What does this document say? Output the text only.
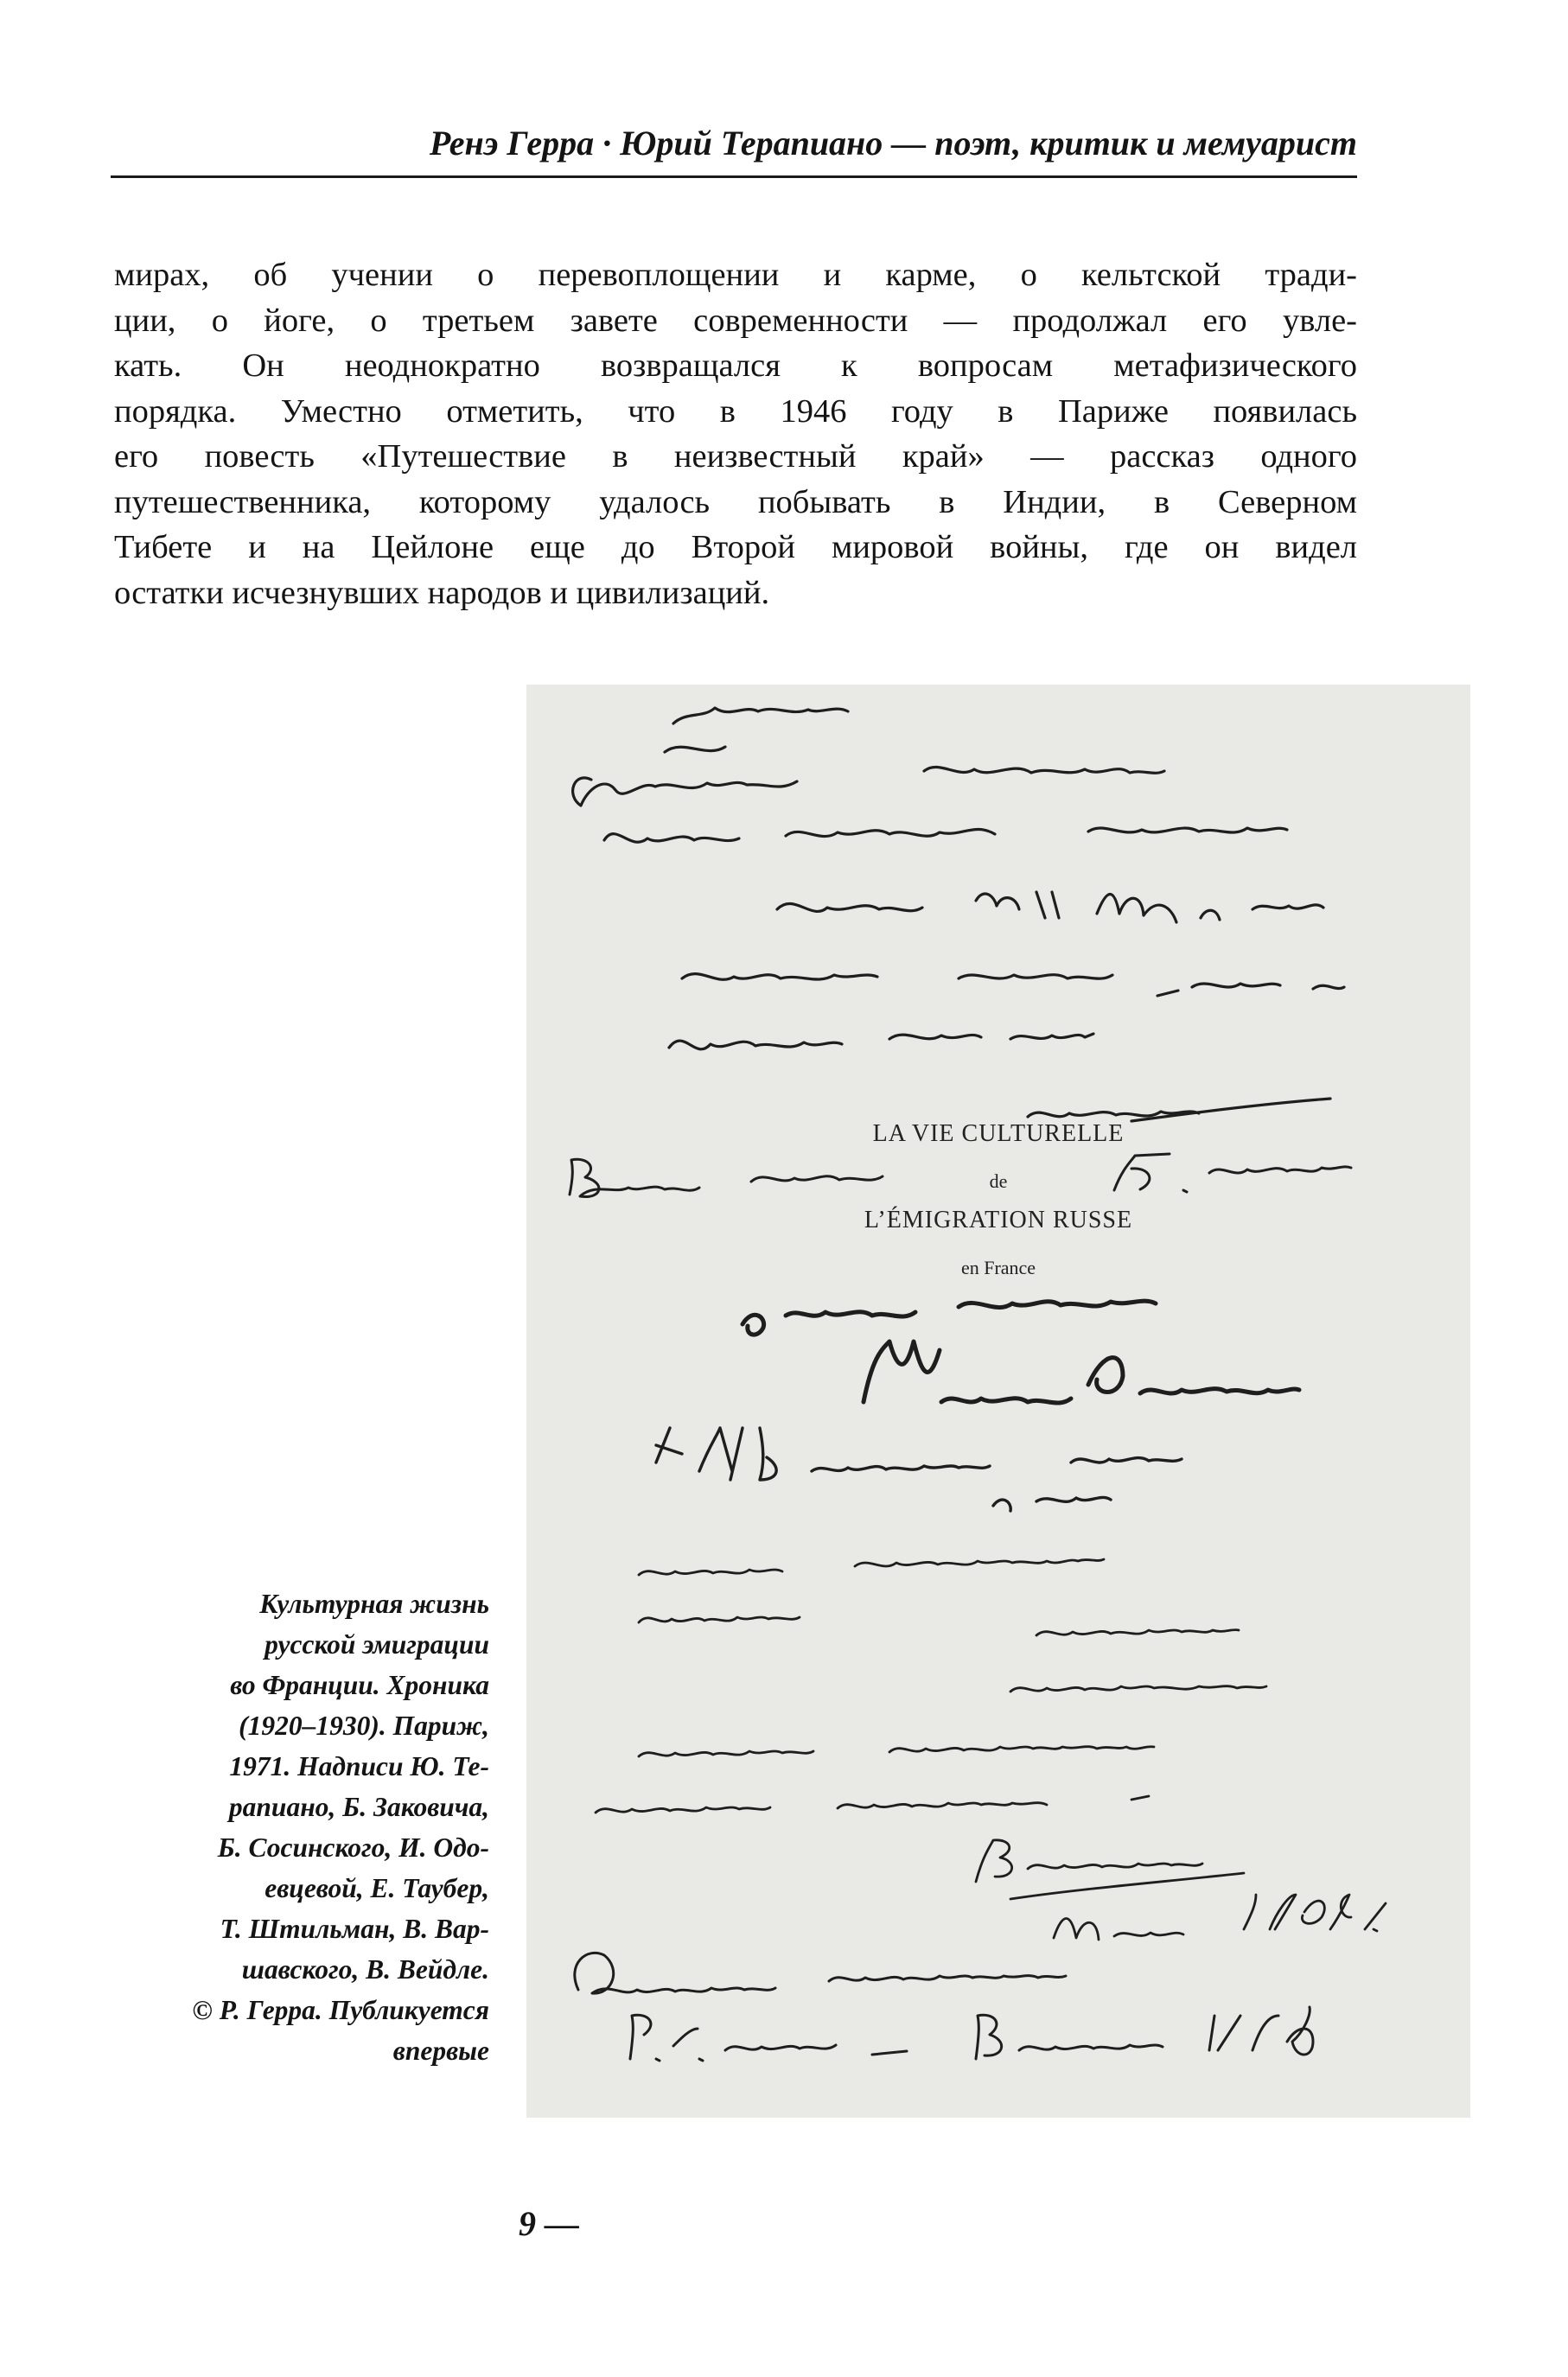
Ренэ Герра · Юрий Терапиано — поэт, критик и мемуарист

мирах, об учении о перевоплощении и карме, о кельтской тради-
ции, о йоге, о третьем завете современности — продолжал его увле-
кать. Он неоднократно возвращался к вопросам метафизического
порядка. Уместно отметить, что в 1946 году в Париже появилась
его повесть «Путешествие в неизвестный край» — рассказ одного
путешественника, которому удалось побывать в Индии, в Северном
Тибете и на Цейлоне еще до Второй мировой войны, где он видел
остатки исчезнувших народов и цивилизаций.

LA VIE CULTURELLE
de
L’ÉMIGRATION RUSSE
en France

Культурная жизнь
русской эмиграции
во Франции. Хроника
(1920–1930). Париж,
1971. Надписи Ю. Те-
рапиано, Б. Заковича,
Б. Сосинского, И. Одо-
евцевой, Е. Таубер,
Т. Штильман, В. Вар-
шавского, В. Вейдле.
© Р. Герра. Публикуется
впервые

9 —
